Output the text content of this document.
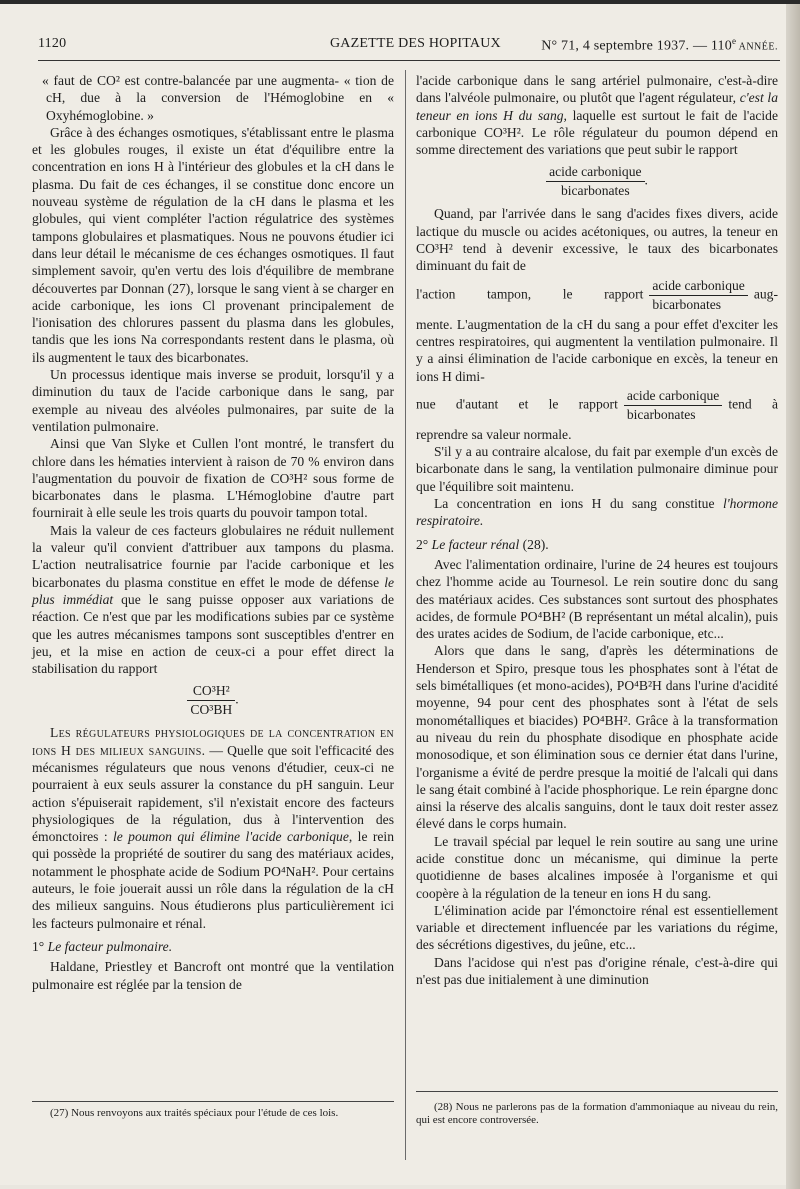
1120	GAZETTE DES HOPITAUX	N° 71, 4 septembre 1937. — 110e ANNÉE.

« faut de CO² est contre-balancée par une augmenta- « tion de cH, due à la conversion de l'Hémoglobine en « Oxyhémoglobine. »

Grâce à des échanges osmotiques, s'établissant entre le plasma et les globules rouges, il existe un état d'équilibre entre la concentration en ions H à l'intérieur des globules et la cH dans le plasma. Du fait de ces échanges, il se constitue donc encore un nouveau système de régulation de la cH dans le plasma et les globules, qui vient compléter l'action régulatrice des systèmes tampons globulaires et plasmatiques. Nous ne pouvons étudier ici dans leur détail le mécanisme de ces échanges osmotiques. Il faut simplement savoir, qu'en vertu des lois d'équilibre de membrane découvertes par Donnan (27), lorsque le sang vient à se charger en acide carbonique, les ions Cl provenant principalement de l'ionisation des chlorures passent du plasma dans les globules, tandis que les ions Na correspondants restent dans le plasma, où ils augmentent le taux des bicarbonates.

Un processus identique mais inverse se produit, lorsqu'il y a diminution du taux de l'acide carbonique dans le sang, par exemple au niveau des alvéoles pulmonaires, par suite de la ventilation pulmonaire.

Ainsi que Van Slyke et Cullen l'ont montré, le transfert du chlore dans les hématies intervient à raison de 70 % environ dans l'augmentation du pouvoir de fixation de CO³H² sous forme de bicarbonates dans le plasma. L'Hémoglobine d'autre part fournirait à elle seule les trois quarts du pouvoir tampon total.

Mais la valeur de ces facteurs globulaires ne réduit nullement la valeur qu'il convient d'attribuer aux tampons du plasma. L'action neutralisatrice fournie par l'acide carbonique et les bicarbonates du plasma constitue en effet le mode de défense le plus immédiat que le sang puisse opposer aux variations de réaction. Ce n'est que par les modifications subies par ce système que les autres mécanismes tampons sont susceptibles d'entrer en jeu, et la mise en action de ceux-ci a pour effet direct la stabilisation du rapport

$\frac{\text{CO³H²}}{\text{CO³BH}}$ .

Les régulateurs physiologiques de la concentration en ions H des milieux sanguins. — Quelle que soit l'efficacité des mécanismes régulateurs que nous venons d'étudier, ceux-ci ne pourraient à eux seuls assurer la constance du pH sanguin. Leur action s'épuiserait rapidement, s'il n'existait encore des facteurs physiologiques de la régulation, dus à l'intervention des émonctoires : le poumon qui élimine l'acide carbonique, le rein qui possède la propriété de soutirer du sang des matériaux acides, notamment le phosphate acide de Sodium PO⁴NaH². Pour certains auteurs, le foie jouerait aussi un rôle dans la régulation de la cH des milieux sanguins. Nous étudierons plus particulièrement ici les facteurs pulmonaire et rénal.

1° Le facteur pulmonaire.

Haldane, Priestley et Bancroft ont montré que la ventilation pulmonaire est réglée par la tension de

l'acide carbonique dans le sang artériel pulmonaire, c'est-à-dire dans l'alvéole pulmonaire, ou plutôt que l'agent régulateur, c'est la teneur en ions H du sang, laquelle est surtout le fait de l'acide carbonique CO³H². Le rôle régulateur du poumon dépend en somme directement des variations que peut subir le rapport

$\frac{\text{acide carbonique}}{\text{bicarbonates}}$ .

Quand, par l'arrivée dans le sang d'acides fixes divers, acide lactique du muscle ou acides acétoniques, ou autres, la teneur en CO³H² tend à devenir excessive, le taux des bicarbonates diminuant du fait de

l'action tampon, le rapport $\frac{\text{acide carbonique}}{\text{bicarbonates}} aug-$

mente. L'augmentation de la cH du sang a pour effet d'exciter les centres respiratoires, qui augmentent la ventilation pulmonaire. Il y a ainsi élimination de l'acide carbonique en excès, la teneur en ions H dimi-

nue d'autant et le rapport $\frac{\text{acide carbonique}}{\text{bicarbonates}}$ tend à

reprendre sa valeur normale.

S'il y a au contraire alcalose, du fait par exemple d'un excès de bicarbonate dans le sang, la ventilation pulmonaire diminue pour que l'équilibre soit maintenu.

La concentration en ions H du sang constitue l'hormone respiratoire.

2° Le facteur rénal (28).

Avec l'alimentation ordinaire, l'urine de 24 heures est toujours chez l'homme acide au Tournesol. Le rein soutire donc du sang des matériaux acides. Ces substances sont surtout des phosphates acides, de formule PO⁴BH² (B représentant un métal alcalin), puis des urates acides de Sodium, de l'acide carbonique, etc...

Alors que dans le sang, d'après les déterminations de Henderson et Spiro, presque tous les phosphates sont à l'état de sels bimétalliques (et mono-acides), PO⁴B²H dans l'urine d'acidité moyenne, 94 pour cent des phosphates sont à l'état de sels monométalliques et biacides) PO⁴BH². Grâce à la transformation au niveau du rein du phosphate disodique en phosphate acide monosodique, et son élimination sous ce dernier état dans l'urine, l'organisme a évité de perdre presque la moitié de l'alcali qui dans le sang était combiné à l'acide phosphorique. Le rein épargne donc ainsi la réserve des alcalis sanguins, dont le taux doit rester assez élevé dans le corps humain.

Le travail spécial par lequel le rein soutire au sang une urine acide constitue donc un mécanisme, qui diminue la perte quotidienne de bases alcalines imposée à l'organisme et qui coopère à la régulation de la teneur en ions H du sang.

L'élimination acide par l'émonctoire rénal est essentiellement variable et directement influencée par les variations du régime, des sécrétions digestives, du jeûne, etc...

Dans l'acidose qui n'est pas d'origine rénale, c'est-à-dire qui n'est pas due initialement à une diminution

(27) Nous renvoyons aux traités spéciaux pour l'étude de ces lois.	(28) Nous ne parlerons pas de la formation d'ammoniaque au niveau du rein, qui est encore controversée.
